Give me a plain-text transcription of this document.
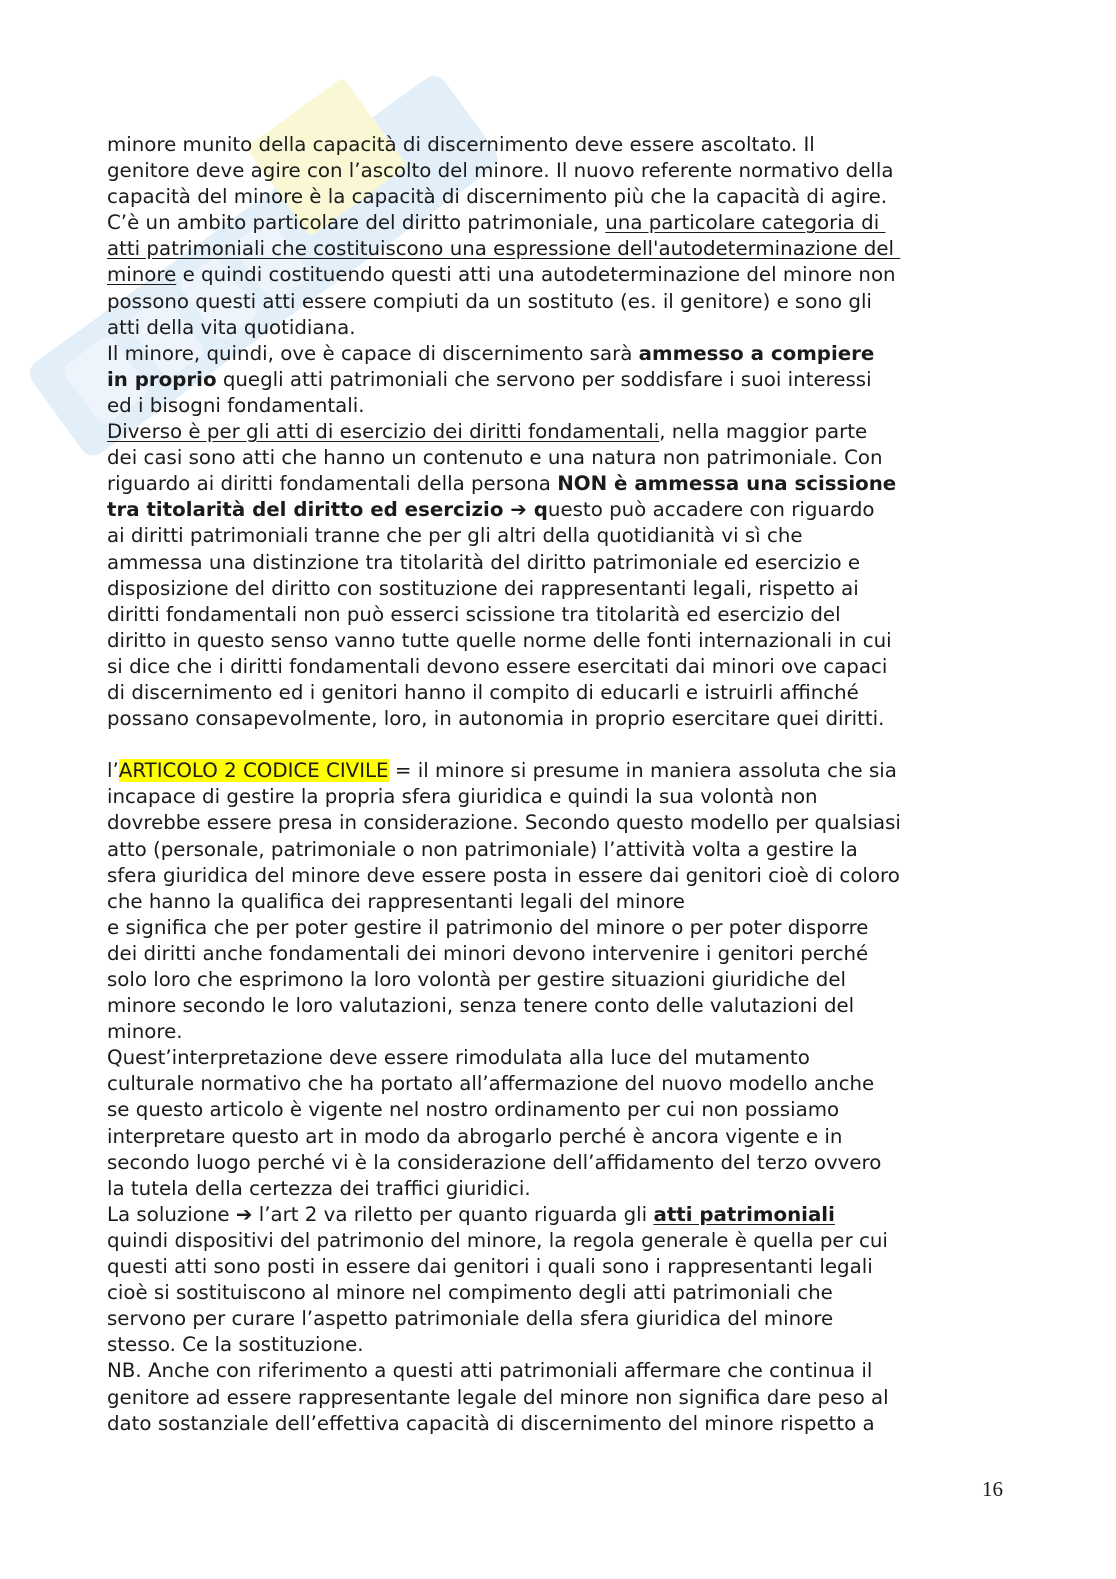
minore munito della capacità di discernimento deve essere ascoltato. Il
genitore deve agire con l’ascolto del minore. Il nuovo referente normativo della
capacità del minore è la capacità di discernimento più che la capacità di agire.
C’è un ambito particolare del diritto patrimoniale, una particolare categoria di
atti patrimoniali che costituiscono una espressione dell'autodeterminazione del
minore e quindi costituendo questi atti una autodeterminazione del minore non
possono questi atti essere compiuti da un sostituto (es. il genitore) e sono gli
atti della vita quotidiana.
Il minore, quindi, ove è capace di discernimento sarà ammesso a compiere
in proprio quegli atti patrimoniali che servono per soddisfare i suoi interessi
ed i bisogni fondamentali.
Diverso è per gli atti di esercizio dei diritti fondamentali, nella maggior parte
dei casi sono atti che hanno un contenuto e una natura non patrimoniale. Con
riguardo ai diritti fondamentali della persona NON è ammessa una scissione
tra titolarità del diritto ed esercizio ➔ questo può accadere con riguardo
ai diritti patrimoniali tranne che per gli altri della quotidianità vi sì che
ammessa una distinzione tra titolarità del diritto patrimoniale ed esercizio e
disposizione del diritto con sostituzione dei rappresentanti legali, rispetto ai
diritti fondamentali non può esserci scissione tra titolarità ed esercizio del
diritto in questo senso vanno tutte quelle norme delle fonti internazionali in cui
si dice che i diritti fondamentali devono essere esercitati dai minori ove capaci
di discernimento ed i genitori hanno il compito di educarli e istruirli affinché
possano consapevolmente, loro, in autonomia in proprio esercitare quei diritti.
l’ARTICOLO 2 CODICE CIVILE = il minore si presume in maniera assoluta che sia
incapace di gestire la propria sfera giuridica e quindi la sua volontà non
dovrebbe essere presa in considerazione. Secondo questo modello per qualsiasi
atto (personale, patrimoniale o non patrimoniale) l’attività volta a gestire la
sfera giuridica del minore deve essere posta in essere dai genitori cioè di coloro
che hanno la qualifica dei rappresentanti legali del minore
e significa che per poter gestire il patrimonio del minore o per poter disporre
dei diritti anche fondamentali dei minori devono intervenire i genitori perché
solo loro che esprimono la loro volontà per gestire situazioni giuridiche del
minore secondo le loro valutazioni, senza tenere conto delle valutazioni del
minore.
Quest’interpretazione deve essere rimodulata alla luce del mutamento
culturale normativo che ha portato all’affermazione del nuovo modello anche
se questo articolo è vigente nel nostro ordinamento per cui non possiamo
interpretare questo art in modo da abrogarlo perché è ancora vigente e in
secondo luogo perché vi è la considerazione dell’affidamento del terzo ovvero
la tutela della certezza dei traffici giuridici.
La soluzione ➔ l’art 2 va riletto per quanto riguarda gli atti patrimoniali
quindi dispositivi del patrimonio del minore, la regola generale è quella per cui
questi atti sono posti in essere dai genitori i quali sono i rappresentanti legali
cioè si sostituiscono al minore nel compimento degli atti patrimoniali che
servono per curare l’aspetto patrimoniale della sfera giuridica del minore
stesso. Ce la sostituzione.
NB. Anche con riferimento a questi atti patrimoniali affermare che continua il
genitore ad essere rappresentante legale del minore non significa dare peso al
dato sostanziale dell’effettiva capacità di discernimento del minore rispetto a
16
